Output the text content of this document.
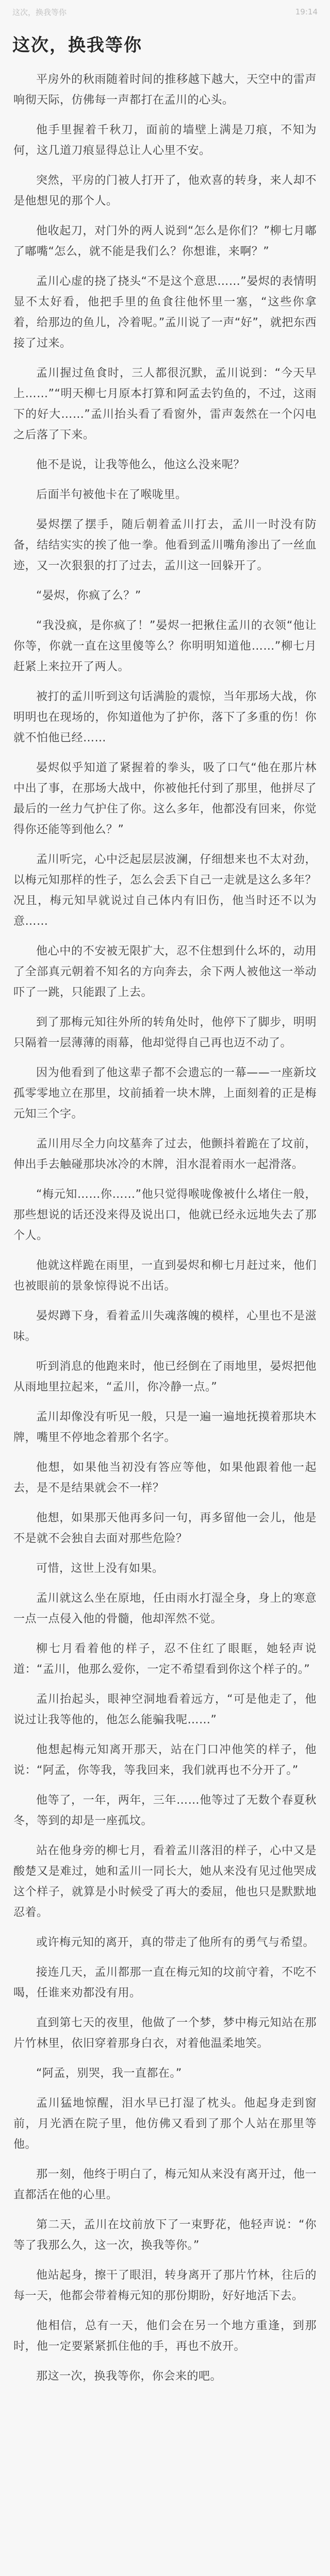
这次，换我等你	19:14
这次，换我等你

平房外的秋雨随着时间的推移越下越大，天空中的雷声响彻天际，仿佛每一声都打在孟川的心头。

他手里握着千秋刀，面前的墙壁上满是刀痕，不知为何，这几道刀痕显得总让人心里不安。

突然，平房的门被人打开了，他欢喜的转身，来人却不是他想见的那个人。

他收起刀，对门外的两人说到“怎么是你们？”柳七月嘟了嘟嘴“怎么，就不能是我们么？你想谁，来啊？”

孟川心虚的挠了挠头“不是这个意思……”晏烬的表情明显不太好看，他把手里的鱼食往他怀里一塞，“这些你拿着，给那边的鱼儿，冷着呢。”孟川说了一声“好”，就把东西接了过来。

孟川握过鱼食时，三人都很沉默，孟川说到：“今天早上……”“明天柳七月原本打算和阿孟去钓鱼的，不过，这雨下的好大……”孟川抬头看了看窗外，雷声轰然在一个闪电之后落了下来。

他不是说，让我等他么，他这么没来呢？

后面半句被他卡在了喉咙里。

晏烬摆了摆手，随后朝着孟川打去，孟川一时没有防备，结结实实的挨了他一拳。他看到孟川嘴角渗出了一丝血迹，又一次狠狠的打了过去，孟川这一回躲开了。

“晏烬，你疯了么？”

“我没疯，是你疯了！”晏烬一把揪住孟川的衣领“他让你等，你就一直在这里傻等么？你明明知道他……”柳七月赶紧上来拉开了两人。

被打的孟川听到这句话满脸的震惊，当年那场大战，你明明也在现场的，你知道他为了护你，落下了多重的伤！你就不怕他已经……

晏烬似乎知道了紧握着的拳头，吸了口气“他在那片林中出了事，在那场大战中，你被他托付到了那里，他拼尽了最后的一丝力气护住了你。这么多年，他都没有回来，你觉得你还能等到他么？”

孟川听完，心中泛起层层波澜，仔细想来也不太对劲，以梅元知那样的性子，怎么会丢下自己一走就是这么多年？况且，梅元知早就说过自己体内有旧伤，他当时还不以为意……

他心中的不安被无限扩大，忍不住想到什么坏的，动用了全部真元朝着不知名的方向奔去，余下两人被他这一举动吓了一跳，只能跟了上去。

到了那梅元知往外所的转角处时，他停下了脚步，明明只隔着一层薄薄的雨幕，他却觉得自己再也迈不动了。

因为他看到了他这辈子都不会遗忘的一幕——一座新坟孤零零地立在那里，坟前插着一块木牌，上面刻着的正是梅元知三个字。

孟川用尽全力向坟墓奔了过去，他颤抖着跪在了坟前，伸出手去触碰那块冰冷的木牌，泪水混着雨水一起滑落。

“梅元知……你……”他只觉得喉咙像被什么堵住一般，那些想说的话还没来得及说出口，他就已经永远地失去了那个人。

他就这样跪在雨里，一直到晏烬和柳七月赶过来，他们也被眼前的景象惊得说不出话。

晏烬蹲下身，看着孟川失魂落魄的模样，心里也不是滋味。

听到消息的他跑来时，他已经倒在了雨地里，晏烬把他从雨地里拉起来，“孟川，你冷静一点。”

孟川却像没有听见一般，只是一遍一遍地抚摸着那块木牌，嘴里不停地念着那个名字。

他想，如果他当初没有答应等他，如果他跟着他一起去，是不是结果就会不一样？

他想，如果那天他再多问一句，再多留他一会儿，他是不是就不会独自去面对那些危险？

可惜，这世上没有如果。

孟川就这么坐在原地，任由雨水打湿全身，身上的寒意一点一点侵入他的骨髓，他却浑然不觉。

柳七月看着他的样子，忍不住红了眼眶，她轻声说道：“孟川，他那么爱你，一定不希望看到你这个样子的。”

孟川抬起头，眼神空洞地看着远方，“可是他走了，他说过让我等他的，他怎么能骗我呢……”

他想起梅元知离开那天，站在门口冲他笑的样子，他说：“阿孟，你等我，等我回来，我们就再也不分开了。”

他等了，一年，两年，三年……他等过了无数个春夏秋冬，等到的却是一座孤坟。

站在他身旁的柳七月，看着孟川落泪的样子，心中又是酸楚又是难过，她和孟川一同长大，她从来没有见过他哭成这个样子，就算是小时候受了再大的委屈，他也只是默默地忍着。

或许梅元知的离开，真的带走了他所有的勇气与希望。

接连几天，孟川都那一直在梅元知的坟前守着，不吃不喝，任谁来劝都没有用。

直到第七天的夜里，他做了一个梦，梦中梅元知站在那片竹林里，依旧穿着那身白衣，对着他温柔地笑。

“阿孟，别哭，我一直都在。”

孟川猛地惊醒，泪水早已打湿了枕头。他起身走到窗前，月光洒在院子里，他仿佛又看到了那个人站在那里等他。

那一刻，他终于明白了，梅元知从来没有离开过，他一直都活在他的心里。

第二天，孟川在坟前放下了一束野花，他轻声说：“你等了我那么久，这一次，换我等你。”

他站起身，擦干了眼泪，转身离开了那片竹林，往后的每一天，他都会带着梅元知的那份期盼，好好地活下去。

他相信，总有一天，他们会在另一个地方重逢，到那时，他一定要紧紧抓住他的手，再也不放开。

那这一次，换我等你，你会来的吧。
